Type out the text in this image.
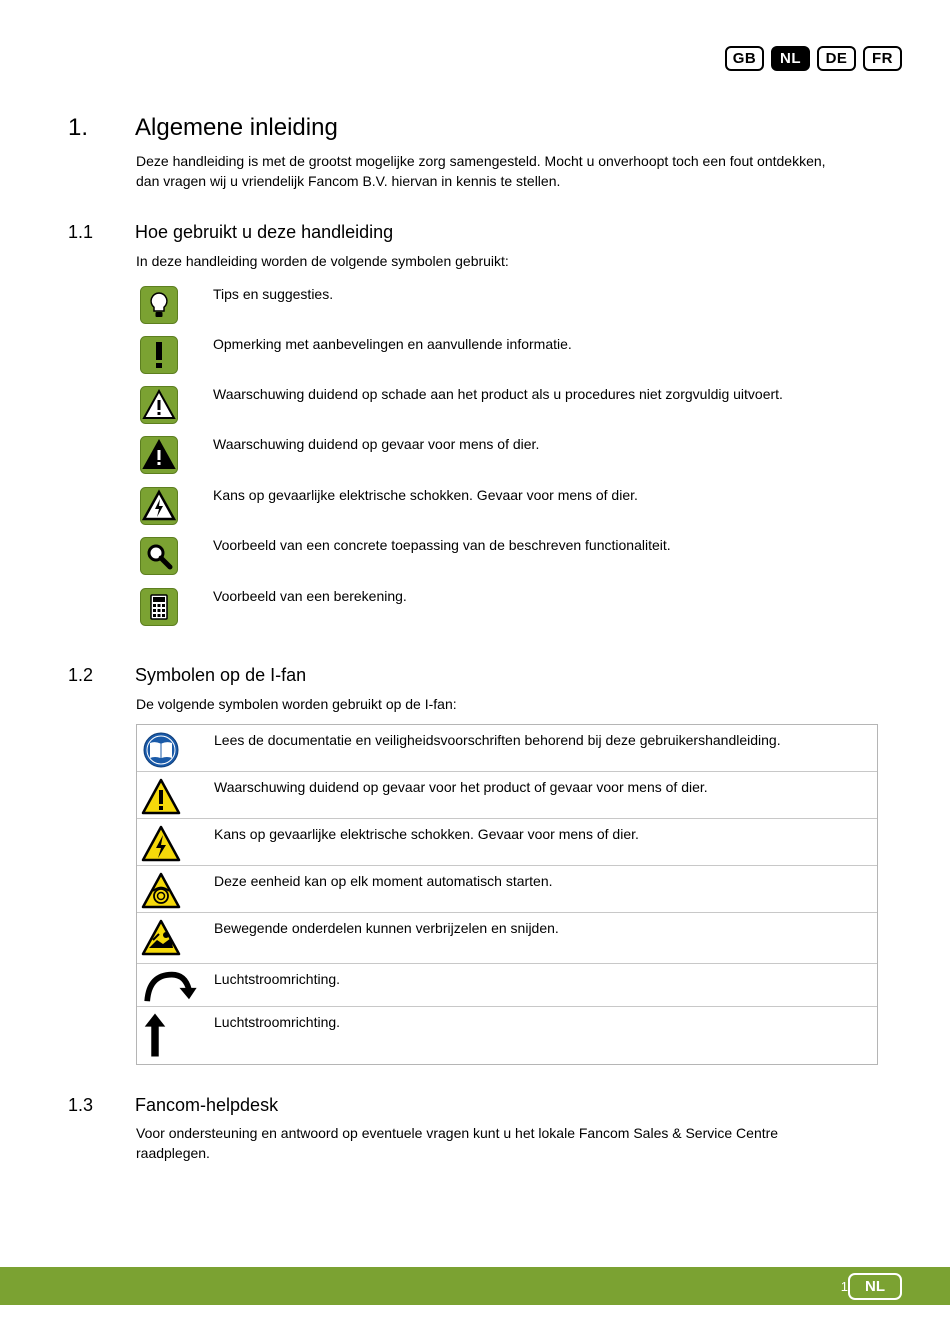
GB	NL	DE	FR
1. Algemene inleiding
Deze handleiding is met de grootst mogelijke zorg samengesteld. Mocht u onverhoopt toch een fout ontdekken,
dan vragen wij u vriendelijk Fancom B.V. hiervan in kennis te stellen.
1.1 Hoe gebruikt u deze handleiding
In deze handleiding worden de volgende symbolen gebruikt:
Tips en suggesties.
Opmerking met aanbevelingen en aanvullende informatie.
Waarschuwing duidend op schade aan het product als u procedures niet zorgvuldig uitvoert.
Waarschuwing duidend op gevaar voor mens of dier.
Kans op gevaarlijke elektrische schokken. Gevaar voor mens of dier.
Voorbeeld van een concrete toepassing van de beschreven functionaliteit.
Voorbeeld van een berekening.
1.2 Symbolen op de I-fan
De volgende symbolen worden gebruikt op de I-fan:
Lees de documentatie en veiligheidsvoorschriften behorend bij deze gebruikershandleiding.
Waarschuwing duidend op gevaar voor het product of gevaar voor mens of dier.
Kans op gevaarlijke elektrische schokken. Gevaar voor mens of dier.
Deze eenheid kan op elk moment automatisch starten.
Bewegende onderdelen kunnen verbrijzelen en snijden.
Luchtstroomrichting.
Luchtstroomrichting.
1.3 Fancom-helpdesk
Voor ondersteuning en antwoord op eventuele vragen kunt u het lokale Fancom Sales & Service Centre
raadplegen.
1	NL
